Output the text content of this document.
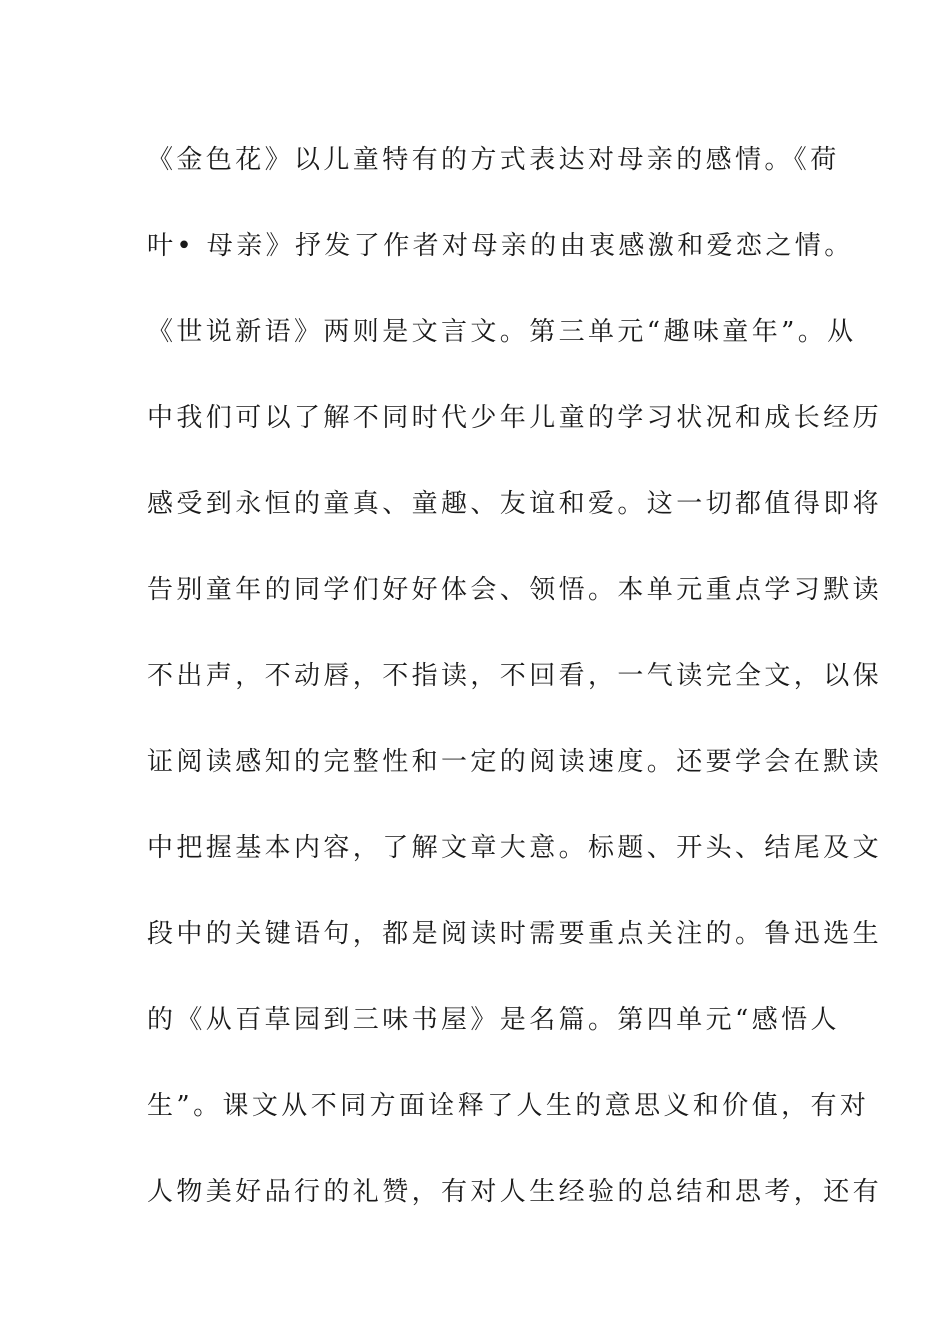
《金色花》以儿童特有的方式表达对母亲的感情。《荷
叶• 母亲》抒发了作者对母亲的由衷感激和爱恋之情。
《世说新语》两则是文言文。第三单元“趣味童年”。从
中我们可以了解不同时代少年儿童的学习状况和成长经历
感受到永恒的童真、童趣、友谊和爱。这一切都值得即将
告别童年的同学们好好体会、领悟。本单元重点学习默读
不出声，不动唇，不指读，不回看，一气读完全文，以保
证阅读感知的完整性和一定的阅读速度。还要学会在默读
中把握基本内容，了解文章大意。标题、开头、结尾及文
段中的关键语句，都是阅读时需要重点关注的。鲁迅选生
的《从百草园到三味书屋》是名篇。第四单元“感悟人
生”。课文从不同方面诠释了人生的意思义和价值，有对
人物美好品行的礼赞，有对人生经验的总结和思考，还有
